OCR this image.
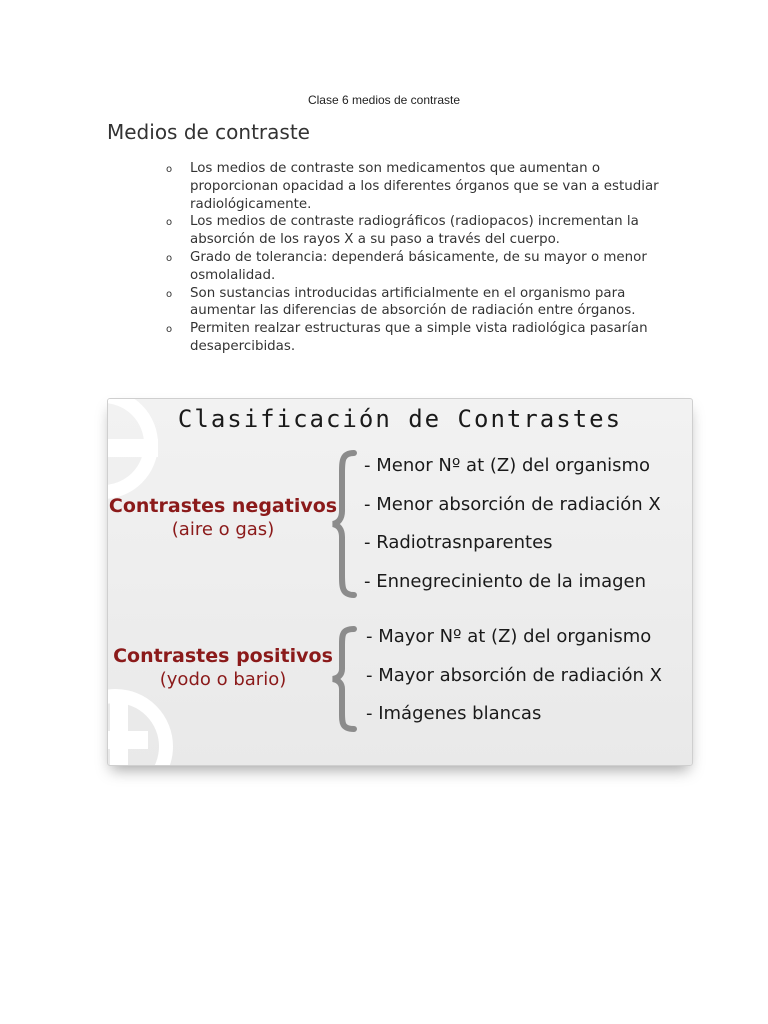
Clase 6 medios de contraste
Medios de contraste
o Los medios de contraste son medicamentos que aumentan o proporcionan opacidad a los diferentes órganos que se van a estudiar radiológicamente.
o Los medios de contraste radiográficos (radiopacos) incrementan la absorción de los rayos X a su paso a través del cuerpo.
o Grado de tolerancia: dependerá básicamente, de su mayor o menor osmolalidad.
o Son sustancias introducidas artificialmente en el organismo para aumentar las diferencias de absorción de radiación entre órganos.
o Permiten realzar estructuras que a simple vista radiológica pasarían desapercibidas.
Clasificación de Contrastes
Contrastes negativos
(aire o gas)
- Menor Nº at (Z) del organismo
- Menor absorción de radiación X
- Radiotrasnparentes
- Ennegreciniento de la imagen
Contrastes positivos
(yodo o bario)
- Mayor Nº at (Z) del organismo
- Mayor absorción de radiación X
- Imágenes blancas
